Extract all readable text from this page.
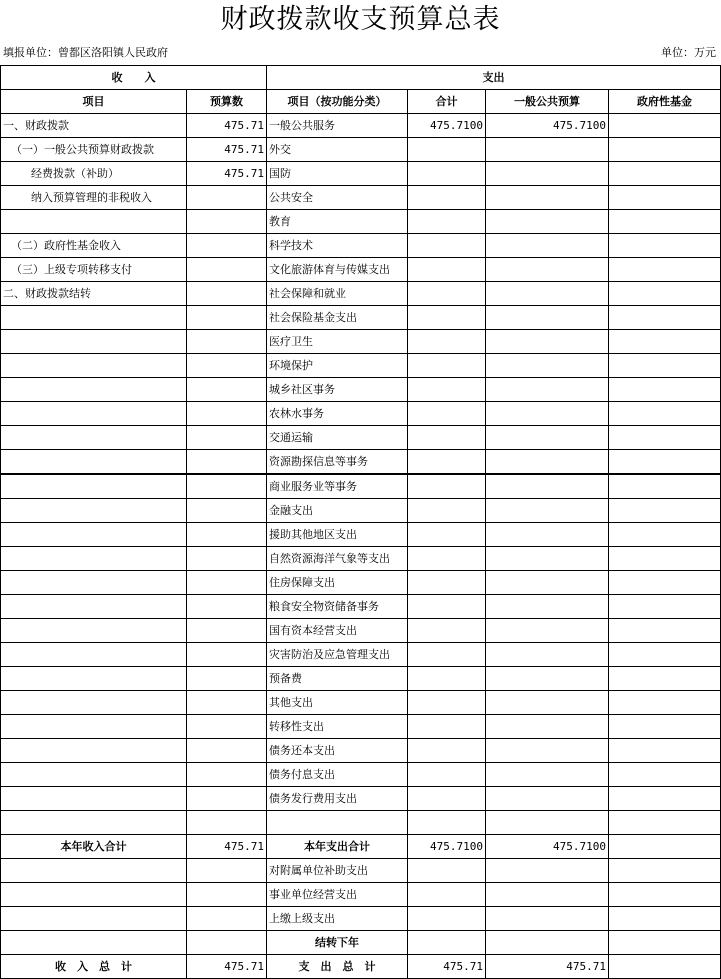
财政拨款收支预算总表
填报单位：曾都区洛阳镇人民政府	单位：万元
收　　入		支出			
项目	预算数	项目（按功能分类）	合计	一般公共预算	政府性基金
一、财政拨款	475.71	一般公共服务	475.7100	475.7100	
（一）一般公共预算财政拨款	475.71	外交			
经费拨款（补助）	475.71	国防			
纳入预算管理的非税收入		公共安全			
		教育			
（二）政府性基金收入		科学技术			
（三）上级专项转移支付		文化旅游体育与传媒支出			
二、财政拨款结转		社会保障和就业			
		社会保险基金支出			
		医疗卫生			
		环境保护			
		城乡社区事务			
		农林水事务			
		交通运输			
		资源勘探信息等事务			
		商业服务业等事务			
		金融支出			
		援助其他地区支出			
		自然资源海洋气象等支出			
		住房保障支出			
		粮食安全物资储备事务			
		国有资本经营支出			
		灾害防治及应急管理支出			
		预备费			
		其他支出			
		转移性支出			
		债务还本支出			
		债务付息支出			
		债务发行费用支出			

本年收入合计	475.71	本年支出合计	475.7100	475.7100	
		对附属单位补助支出			
		事业单位经营支出			
		上缴上级支出			
		结转下年			
收　入　总　计	475.71	支　出　总　计	475.71	475.71	
